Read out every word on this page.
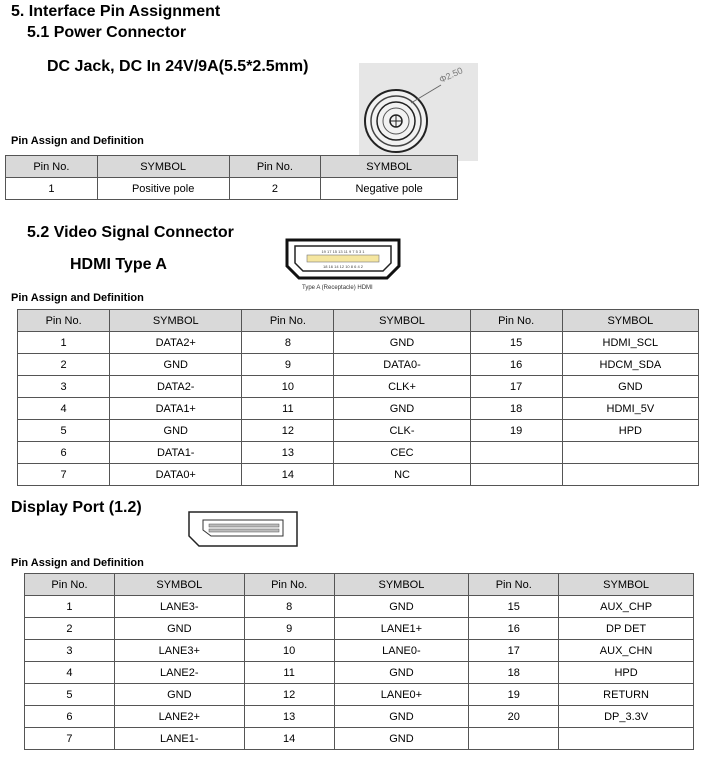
5. Interface Pin Assignment
5.1 Power Connector
DC Jack, DC In 24V/9A(5.5*2.5mm)	Φ2.50
Pin Assign and Definition
Pin No.	SYMBOL	Pin No.	SYMBOL
1	Positive pole	2	Negative pole
5.2 Video Signal Connector
HDMI Type A
19 17 15 13 11 9 7 5 3 1
18 16 14 12 10 8 6 4 2
Type A (Receptacle) HDMI
Pin Assign and Definition
Pin No.	SYMBOL	Pin No.	SYMBOL	Pin No.	SYMBOL
1	DATA2+	8	GND	15	HDMI_SCL
2	GND	9	DATA0-	16	HDCM_SDA
3	DATA2-	10	CLK+	17	GND
4	DATA1+	11	GND	18	HDMI_5V
5	GND	12	CLK-	19	HPD
6	DATA1-	13	CEC		
7	DATA0+	14	NC		
Display Port (1.2)
Pin Assign and Definition
Pin No.	SYMBOL	Pin No.	SYMBOL	Pin No.	SYMBOL
1	LANE3-	8	GND	15	AUX_CHP
2	GND	9	LANE1+	16	DP DET
3	LANE3+	10	LANE0-	17	AUX_CHN
4	LANE2-	11	GND	18	HPD
5	GND	12	LANE0+	19	RETURN
6	LANE2+	13	GND	20	DP_3.3V
7	LANE1-	14	GND		
